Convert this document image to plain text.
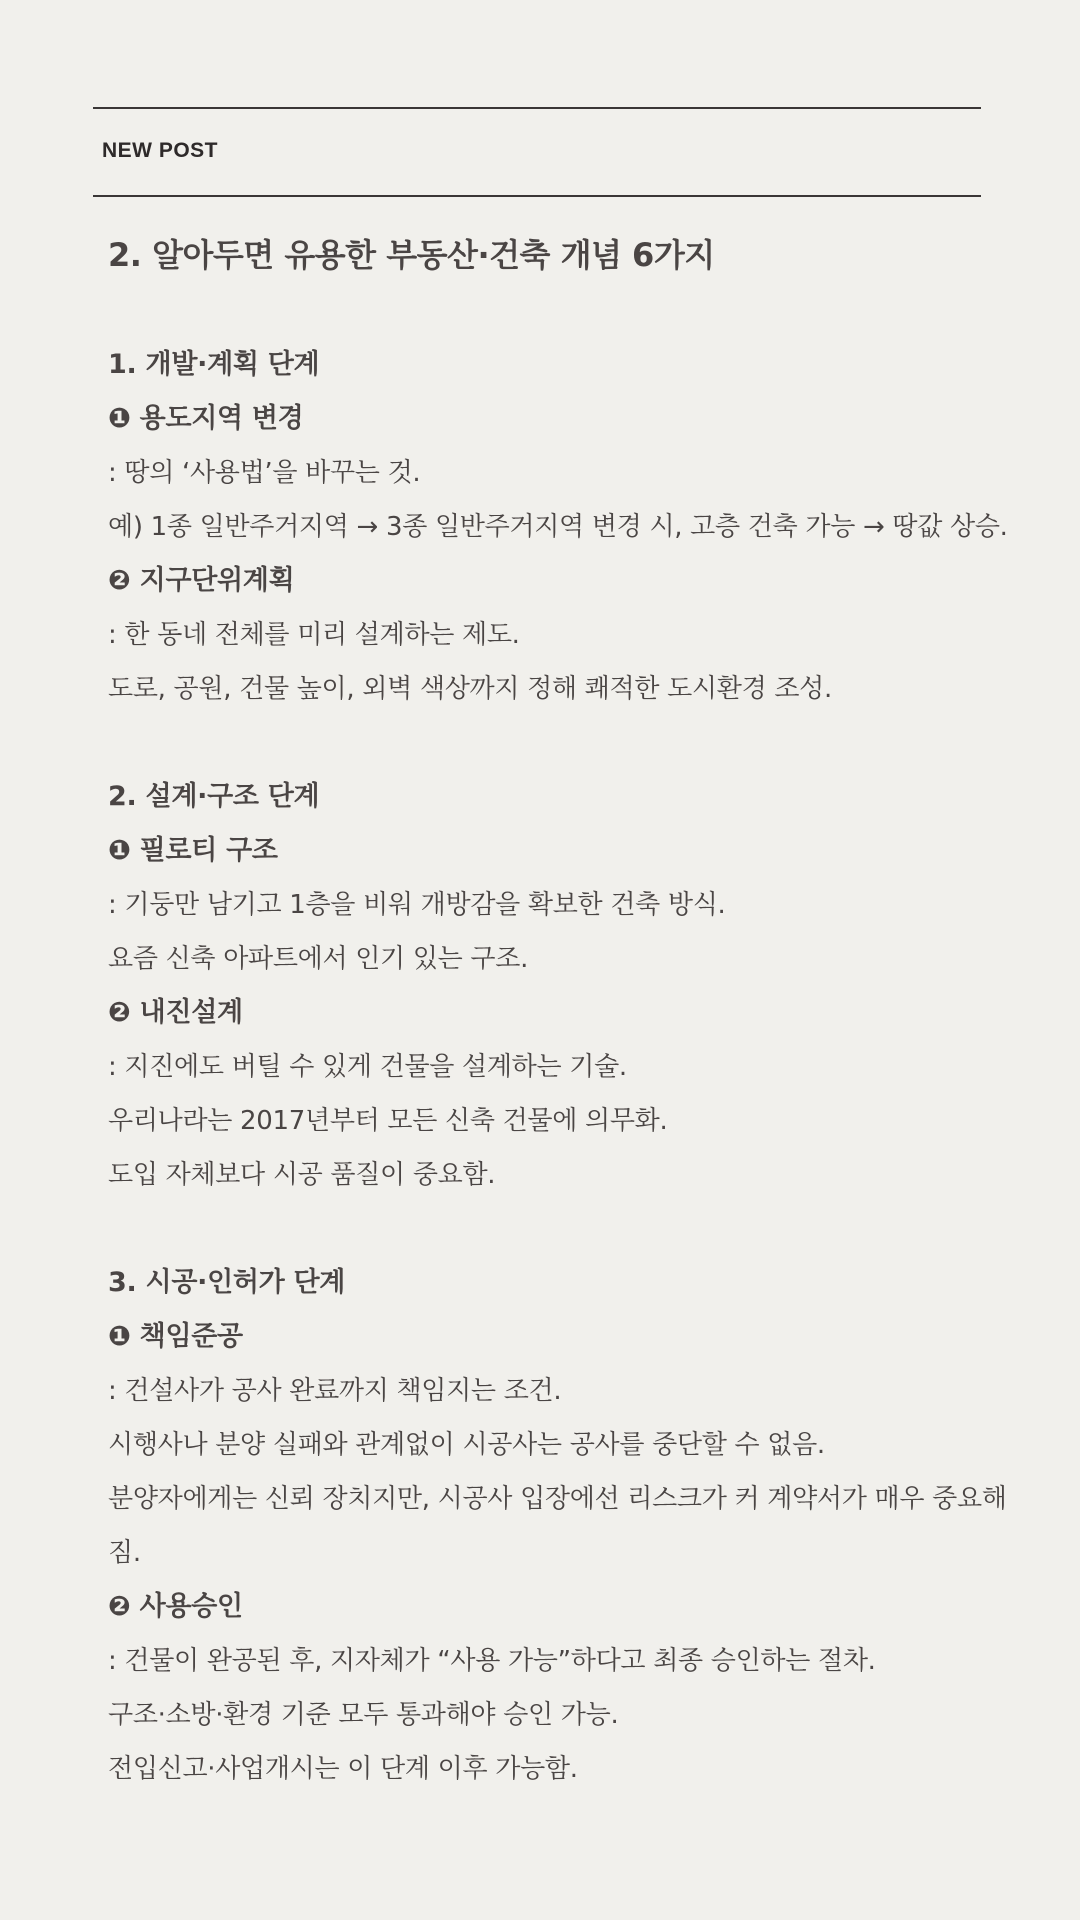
NEW POST
2. 알아두면 유용한 부동산·건축 개념 6가지
1. 개발·계획 단계
❶ 용도지역 변경
: 땅의 ‘사용법’을 바꾸는 것.
예) 1종 일반주거지역 → 3종 일반주거지역 변경 시, 고층 건축 가능 → 땅값 상승.
❷ 지구단위계획
: 한 동네 전체를 미리 설계하는 제도.
도로, 공원, 건물 높이, 외벽 색상까지 정해 쾌적한 도시환경 조성.
2. 설계·구조 단계
❶ 필로티 구조
: 기둥만 남기고 1층을 비워 개방감을 확보한 건축 방식.
요즘 신축 아파트에서 인기 있는 구조.
❷ 내진설계
: 지진에도 버틸 수 있게 건물을 설계하는 기술.
우리나라는 2017년부터 모든 신축 건물에 의무화.
도입 자체보다 시공 품질이 중요함.
3. 시공·인허가 단계
❶ 책임준공
: 건설사가 공사 완료까지 책임지는 조건.
시행사나 분양 실패와 관계없이 시공사는 공사를 중단할 수 없음.
분양자에게는 신뢰 장치지만, 시공사 입장에선 리스크가 커 계약서가 매우 중요해짐.
❷ 사용승인
: 건물이 완공된 후, 지자체가 “사용 가능”하다고 최종 승인하는 절차.
구조·소방·환경 기준 모두 통과해야 승인 가능.
전입신고·사업개시는 이 단계 이후 가능함.
